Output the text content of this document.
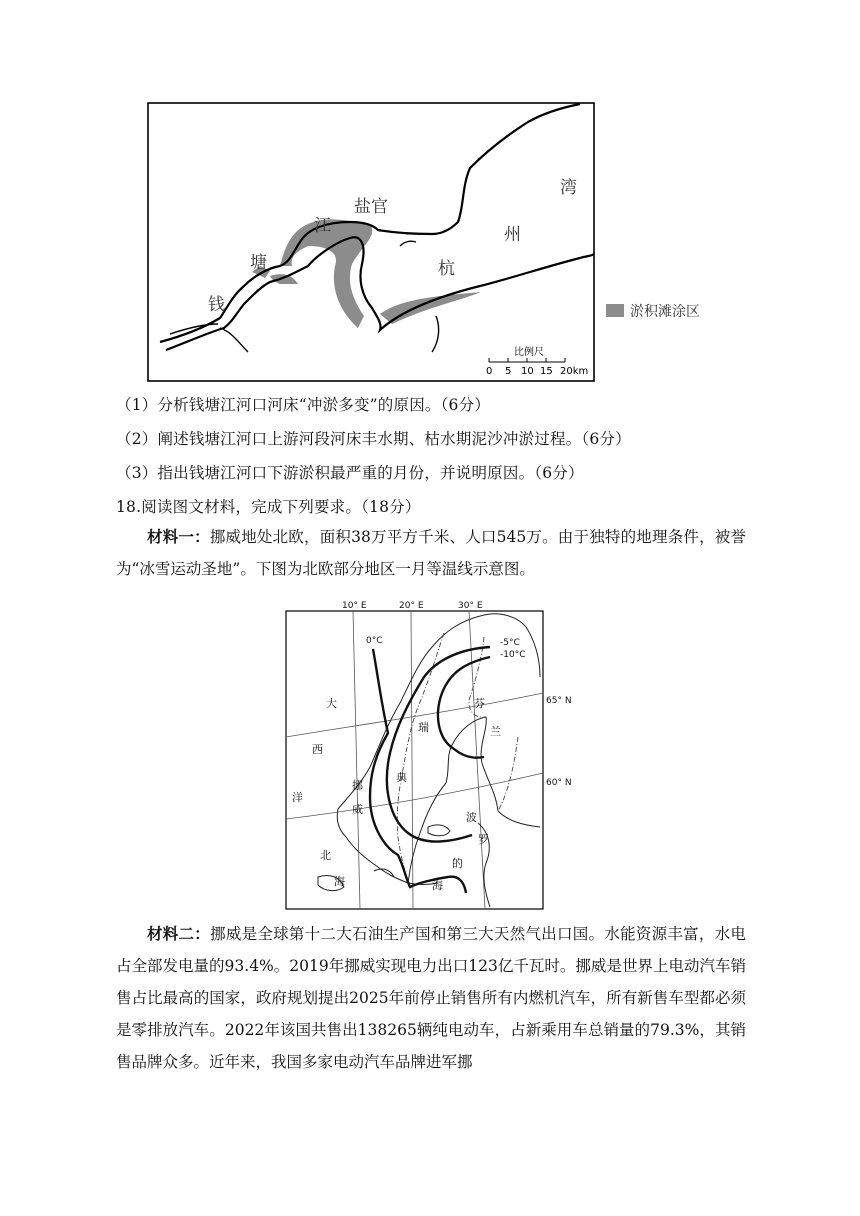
湾
州
杭
盐官
江
塘
钱
比例尺
0 5 10 15 20km
淤积滩涂区
（1）分析钱塘江河口河床“冲淤多变”的原因。（6分）
（2）阐述钱塘江河口上游河段河床丰水期、枯水期泥沙冲淤过程。（6分）
（3）指出钱塘江河口下游淤积最严重的月份，并说明原因。（6分）
18.阅读图文材料，完成下列要求。（18分）

材料一：挪威地处北欧，面积38万平方千米、人口545万。由于独特的地理条件，被誉为“冰雪运动圣地”。下图为北欧部分地区一月等温线示意图。

10° E	20° E	30° E
65° N
60° N
0°C	-5°C
-10°C
大
西
洋
北
海
挪
威
瑞
典
芬
兰
波
罗
的
海

材料二：挪威是全球第十二大石油生产国和第三大天然气出口国。水能资源丰富，水电占全部发电量的93.4%。2019年挪威实现电力出口123亿千瓦时。挪威是世界上电动汽车销售占比最高的国家，政府规划提出2025年前停止销售所有内燃机汽车，所有新售车型都必须是零排放汽车。2022年该国共售出138265辆纯电动车，占新乘用车总销量的79.3%，其销售品牌众多。近年来，我国多家电动汽车品牌进军挪
